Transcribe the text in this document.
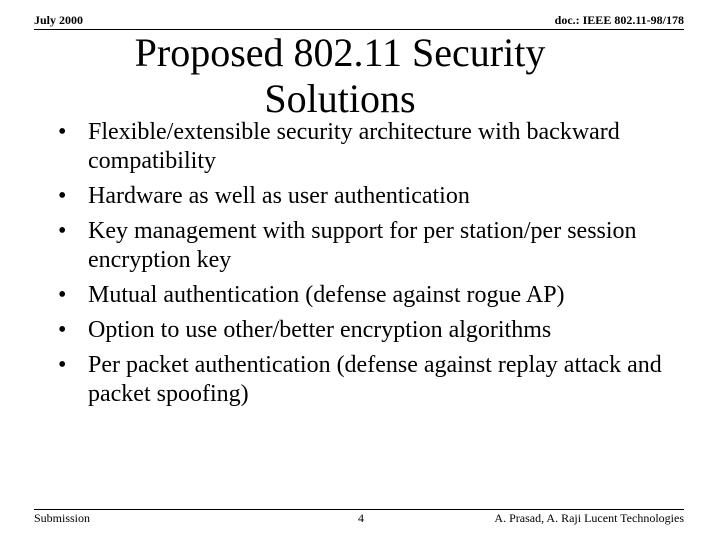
July 2000	doc.: IEEE 802.11-98/178
Proposed 802.11 Security
Solutions
• Flexible/extensible security architecture with backward compatibility
• Hardware as well as user authentication
• Key management with support for per station/per session encryption key
• Mutual authentication (defense against rogue AP)
• Option to use other/better encryption algorithms
• Per packet authentication (defense against replay attack and packet spoofing)
Submission	4	A. Prasad, A. Raji Lucent Technologies
